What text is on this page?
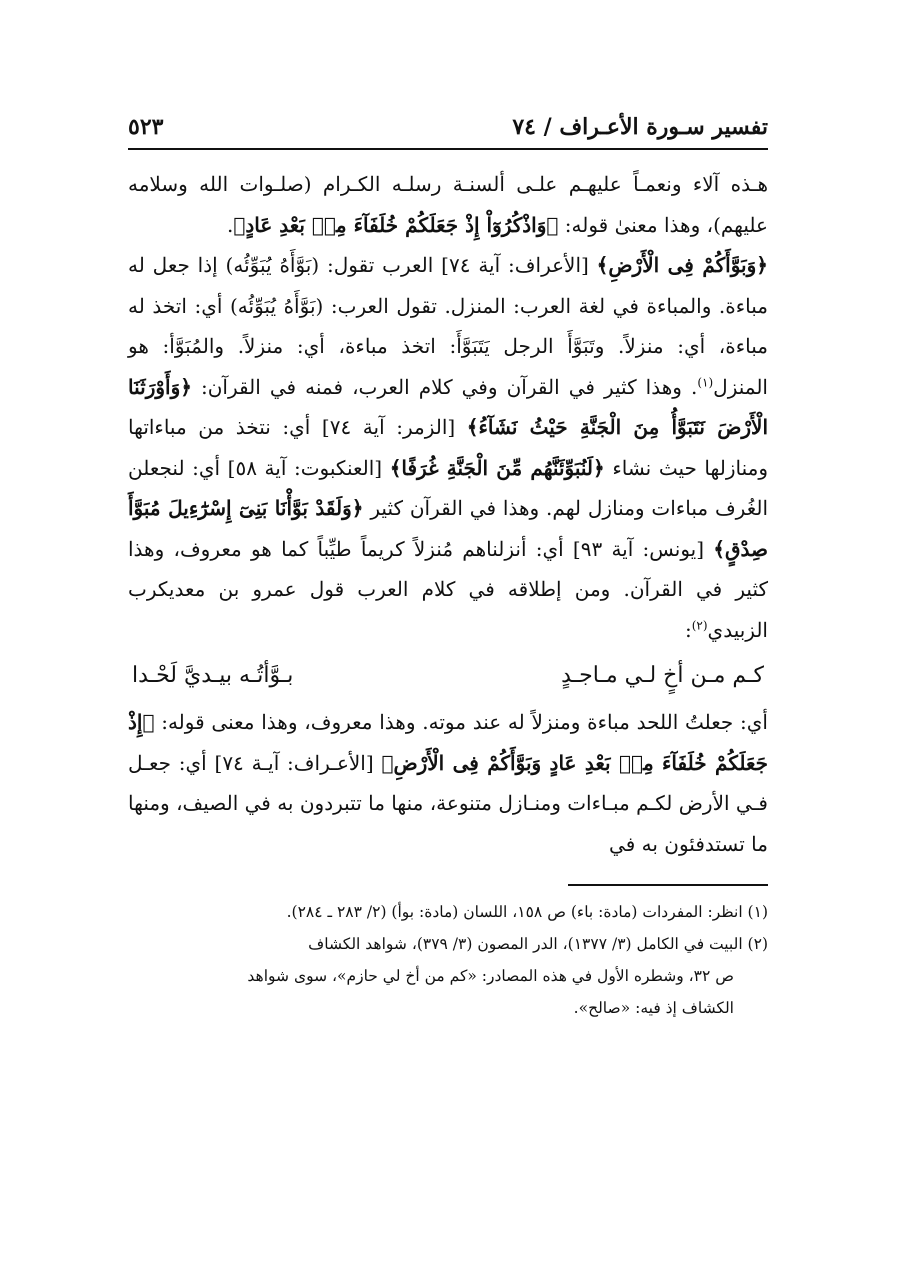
تفسير سـورة الأعـراف / ٧٤
٥٢٣

هـذه آلاء ونعمـاً عليهـم علـى ألسنـة رسلـه الكـرام (صلـوات الله وسلامه عليهم)، وهذا معنىٰ قوله: ﴿وَاذْكُرُوٓاْ إِذْ جَعَلَكُمْ خُلَفَآءَ مِنۢ بَعْدِ عَادٍ﴾.

﴿وَبَوَّأَكُمْ فِى الْأَرْضِ﴾ [الأعراف: آية ٧٤] العرب تقول: (بَوَّأَهُ يُبَوِّئُه) إذا جعل له مباءة. والمباءة في لغة العرب: المنزل. تقول العرب: (بَوَّأَهُ يُبَوِّئُه) أي: اتخذ له مباءة، أي: منزلاً. وتَبَوَّأَ الرجل يَتَبَوَّأَ: اتخذ مباءة، أي: منزلاً. والمُبَوَّأ: هو المنزل$^{(١)}$. وهذا كثير في القرآن وفي كلام العرب، فمنه في القرآن: ﴿وَأَوْرَثَنَا الْأَرْضَ نَتَبَوَّأُ مِنَ الْجَنَّةِ حَيْثُ نَشَآءُ﴾ [الزمر: آية ٧٤] أي: نتخذ من مباءاتها ومنازلها حيث نشاء ﴿لَنُبَوِّئَنَّهُم مِّنَ الْجَنَّةِ غُرَفًا﴾ [العنكبوت: آية ٥٨] أي: لنجعلن الغُرف مباءات ومنازل لهم. وهذا في القرآن كثير ﴿وَلَقَدْ بَوَّأْنَا بَنِىٓ إِسْرَٰٓءِيلَ مُبَوَّأَ صِدْقٍ﴾ [يونس: آية ٩٣] أي: أنزلناهم مُنزلاً كريماً طيِّباً كما هو معروف، وهذا كثير في القرآن. ومن إطلاقه في كلام العرب قول عمرو بن معديكرب الزبيدي$^{(٢)}$:

كـم مـن أخٍ لـي مـاجـدٍ
بـوَّأتُـه بيـديَّ لَحْـدا

أي: جعلتُ اللحد مباءة ومنزلاً له عند موته. وهذا معروف، وهذا معنى قوله: ﴿إِذْ جَعَلَكُمْ خُلَفَآءَ مِنۢ بَعْدِ عَادٍ وَبَوَّأَكُمْ فِى الْأَرْضِ﴾ [الأعـراف: آيـة ٧٤] أي: جعـل فـي الأرض لكـم مبـاءات ومنـازل متنوعة، منها ما تتبردون به في الصيف، ومنها ما تستدفئون به في

(١) انظر: المفردات (مادة: باء) ص ١٥٨، اللسان (مادة: بوأ) (٢/ ٢٨٣ ـ ٢٨٤).

(٢) البيت في الكامل (٣/ ١٣٧٧)، الدر المصون (٣/ ٣٧٩)، شواهد الكشاف

ص ٣٢، وشطره الأول في هذه المصادر: «كم من أخ لي حازم»، سوى شواهد

الكشاف إذ فيه: «صالح».
